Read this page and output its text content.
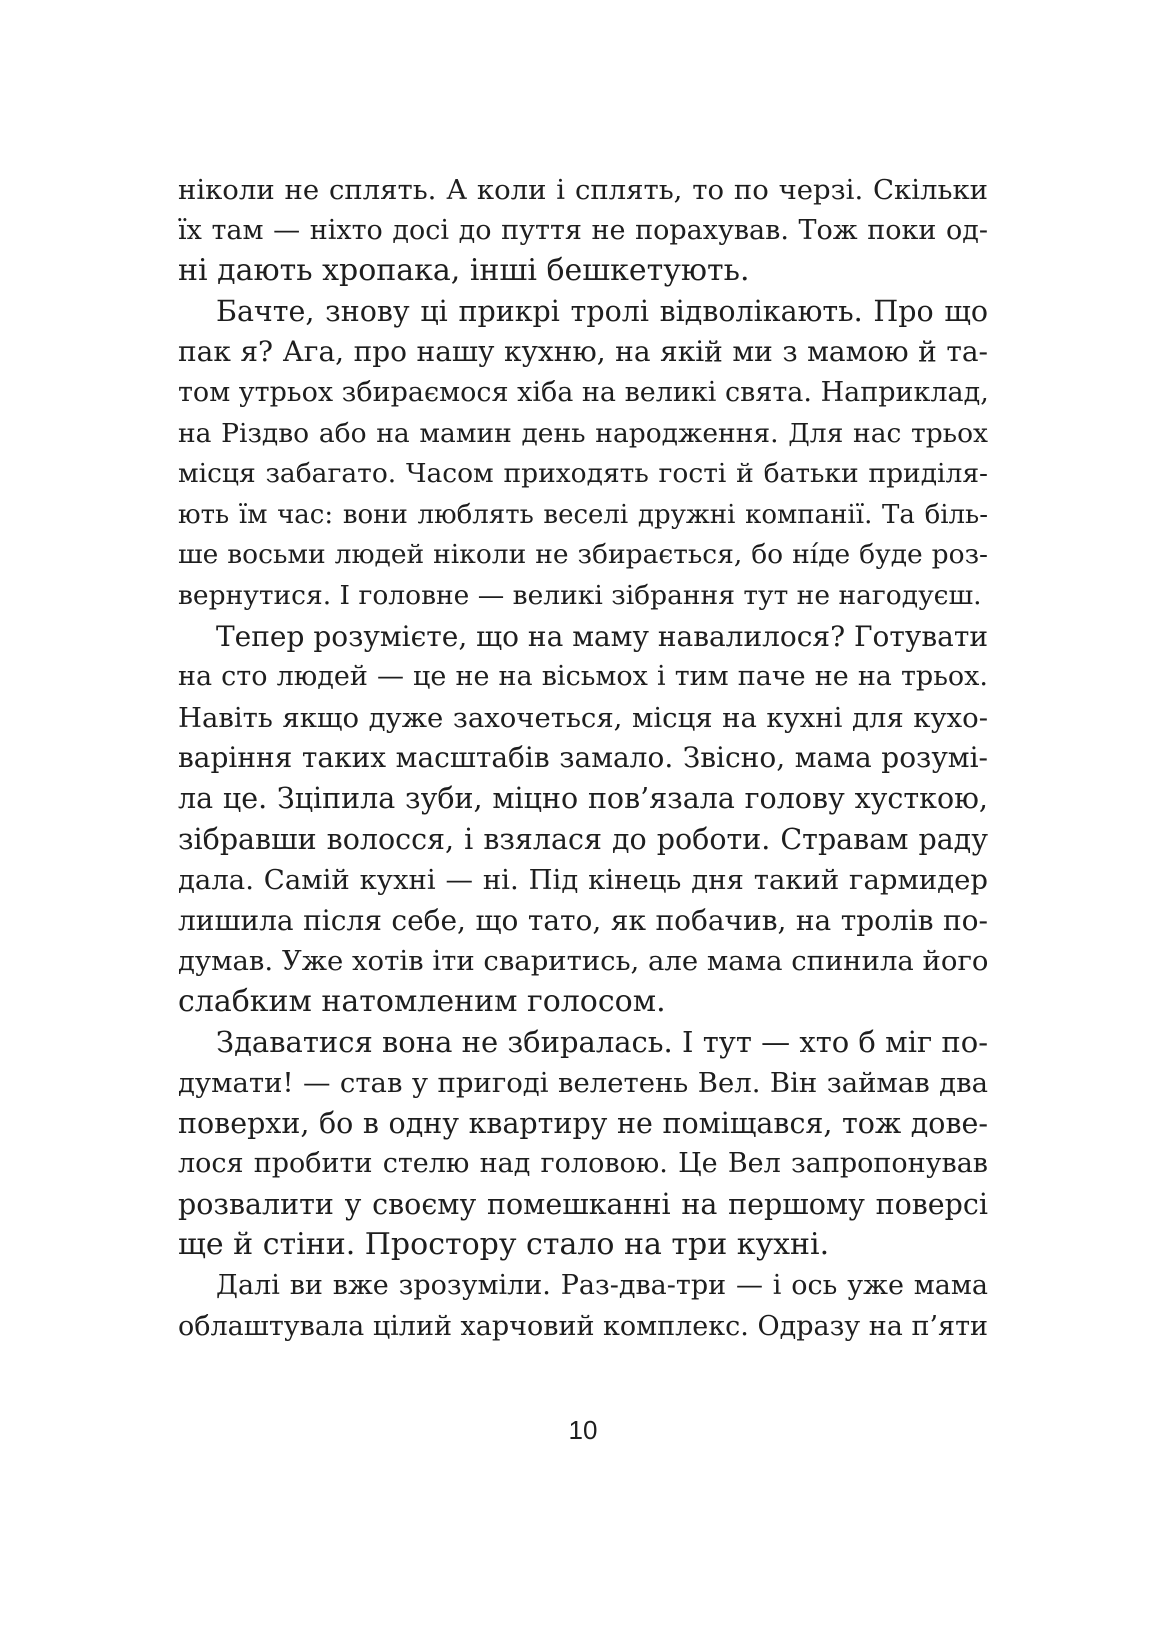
ніколи не сплять. А коли і сплять, то по черзі. Скільки
їх там — ніхто досі до пуття не порахував. Тож поки од-
ні дають хропака, інші бешкетують.
Бачте, знову ці прикрі тролі відволікають. Про що
пак я? Ага, про нашу кухню, на якій ми з мамою й та-
том утрьох збираємося хіба на великі свята. Наприклад,
на Різдво або на мамин день народження. Для нас трьох
місця забагато. Часом приходять гості й батьки приділя-
ють їм час: вони люблять веселі дружні компанії. Та біль-
ше восьми людей ніколи не збирається, бо ні́де буде роз-
вернутися. І головне — великі зібрання тут не нагодуєш.
Тепер розумієте, що на маму навалилося? Готувати
на сто людей — це не на вісьмох і тим паче не на трьох.
Навіть якщо дуже захочеться, місця на кухні для кухо-
варіння таких масштабів замало. Звісно, мама розумі-
ла це. Зціпила зуби, міцно пов’язала голову хусткою,
зібравши волосся, і взялася до роботи. Стравам раду
дала. Самій кухні — ні. Під кінець дня такий гармидер
лишила після себе, що тато, як побачив, на тролів по-
думав. Уже хотів іти сваритись, але мама спинила його
слабким натомленим голосом.
Здаватися вона не збиралась. І тут — хто б міг по-
думати! — став у пригоді велетень Вел. Він займав два
поверхи, бо в одну квартиру не поміщався, тож дове-
лося пробити стелю над головою. Це Вел запропонував
розвалити у своєму помешканні на першому поверсі
ще й стіни. Простору стало на три кухні.
Далі ви вже зрозуміли. Раз-два-три — і ось уже мама
облаштувала цілий харчовий комплекс. Одразу на п’яти
10
